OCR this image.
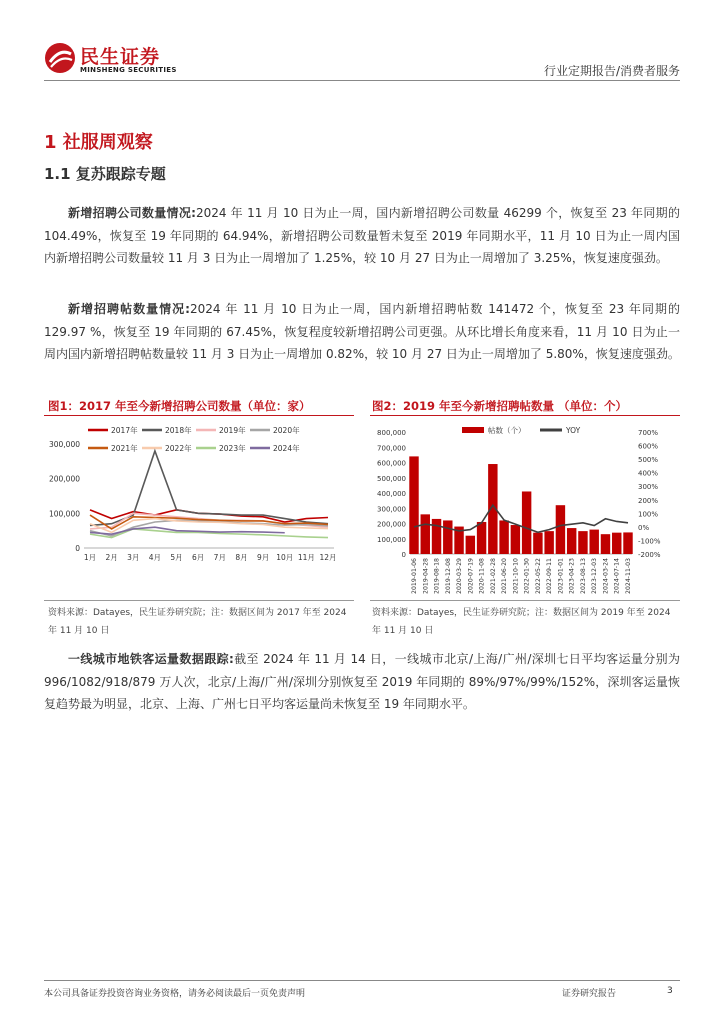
民生证券
MINSHENG SECURITIES	行业定期报告/消费者服务
1 社服周观察
1.1 复苏跟踪专题
新增招聘公司数量情况:2024 年 11 月 10 日为止一周，国内新增招聘公司数量 46299 个，恢复至 23 年同期的 104.49%，恢复至 19 年同期的 64.94%，新增招聘公司数量暂未复至 2019 年同期水平，11 月 10 日为止一周内国内新增招聘公司数量较 11 月 3 日为止一周增加了 1.25%，较 10 月 27 日为止一周增加了 3.25%，恢复速度强劲。
新增招聘帖数量情况:2024 年 11 月 10 日为止一周，国内新增招聘帖数 141472 个，恢复至 23 年同期的 129.97 %，恢复至 19 年同期的 67.45%，恢复程度较新增招聘公司更强。从环比增长角度来看，11 月 10 日为止一周内国内新增招聘帖数量较 11 月 3 日为止一周增加 0.82%，较 10 月 27 日为止一周增加了 5.80%，恢复速度强劲。
图1：2017 年至今新增招聘公司数量（单位：家）	图2：2019 年至今新增招聘帖数量 （单位：个）
0
100,000
200,000
300,000
1月 2月 3月 4月 5月 6月 7月 8月 9月 10月 11月 12月
2017年	2018年	2019年	2020年
2021年	2022年	2023年	2024年
0
100,000
200,000
300,000
400,000
500,000
600,000
700,000
800,000
-200%
-100%
0%
100%
200%
300%
400%
500%
600%
700%
2019-01-06 2019-04-28 2019-08-18 2019-12-08 2020-03-29 2020-07-19 2020-11-08 2021-02-28 2021-06-20 2021-10-10 2022-01-30 2022-05-22 2022-09-11 2023-01-01 2023-04-23 2023-08-13 2023-12-03 2024-03-24 2024-07-14 2024-11-03
帖数（个）	YOY
资料来源：Datayes，民生证券研究院；注：数据区间为 2017 年至 2024 年 11 月 10 日
资料来源：Datayes，民生证券研究院；注：数据区间为 2019 年至 2024 年 11 月 10 日
一线城市地铁客运量数据跟踪:截至 2024 年 11 月 14 日，一线城市北京/上海/广州/深圳七日平均客运量分别为 996/1082/918/879 万人次，北京/上海/广州/深圳分别恢复至 2019 年同期的 89%/97%/99%/152%，深圳客运量恢复趋势最为明显，北京、上海、广州七日平均客运量尚未恢复至 19 年同期水平。
本公司具备证券投资咨询业务资格，请务必阅读最后一页免责声明	证券研究报告	3
